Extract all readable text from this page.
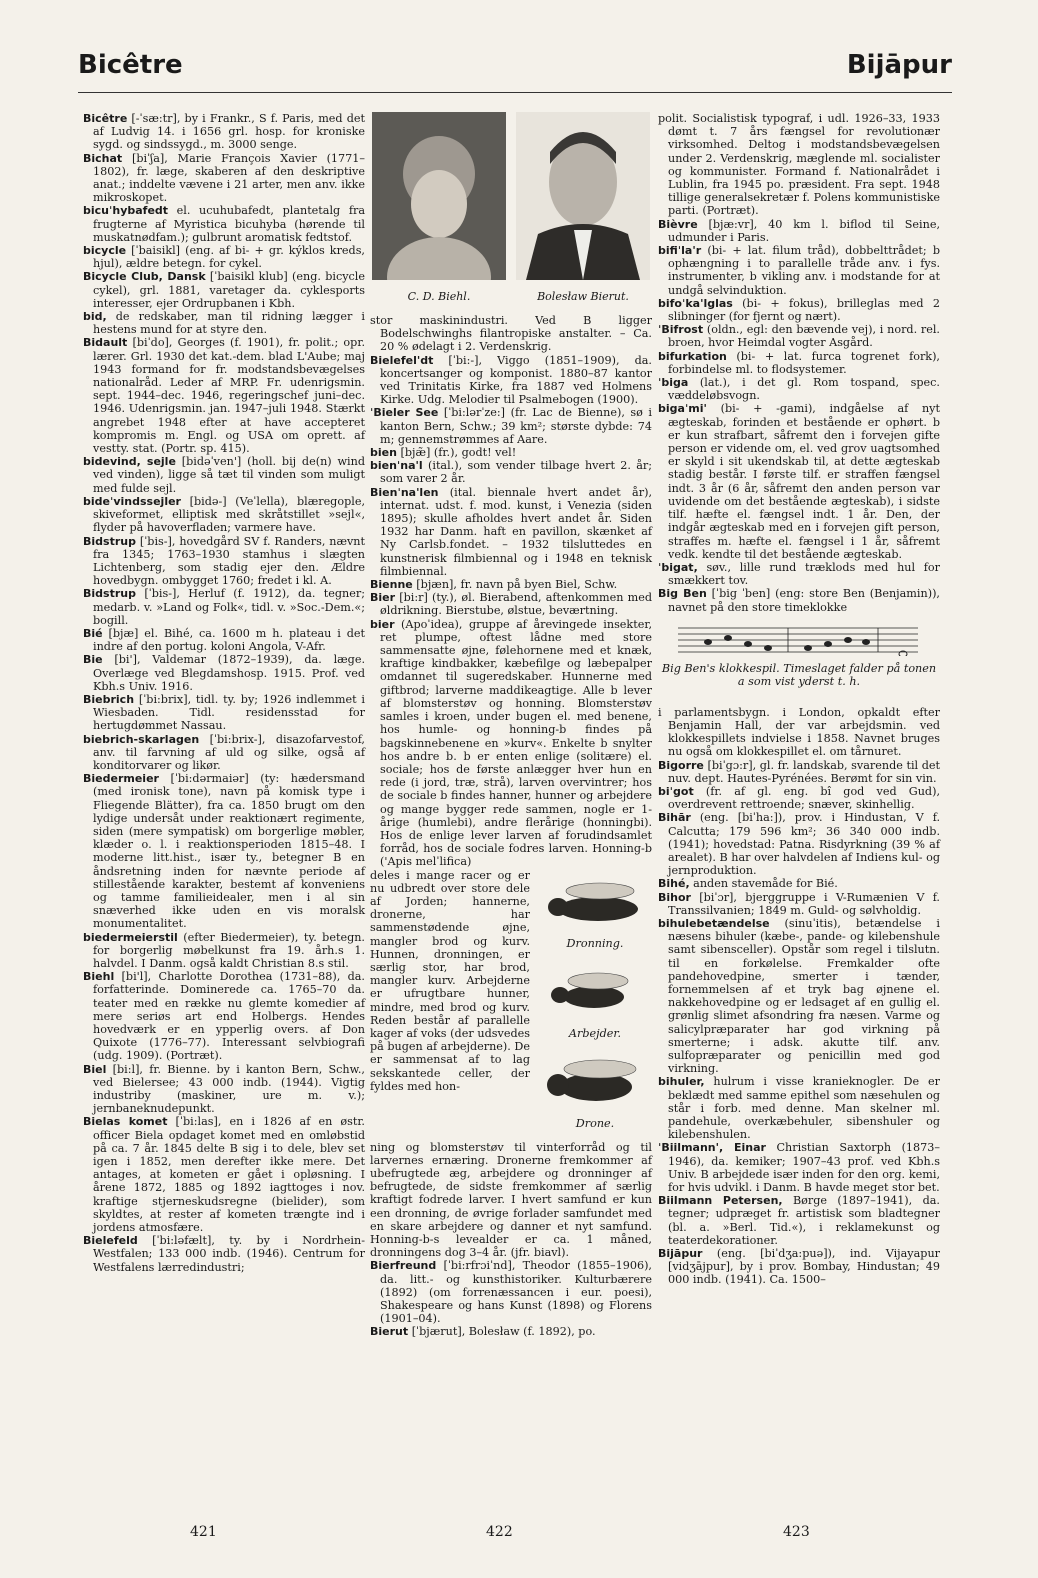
Bicêtre	Bijāpur
Bicêtre [-ˈsæ:tr], by i Frankr., S f. Paris, med det af Ludvig 14. i 1656 grl. hosp. for kroniske sygd. og sindssygd., m. 3000 senge.
Bichat [biˈʃa], Marie François Xavier (1771–1802), fr. læge, skaberen af den deskriptive anat.; inddelte vævene i 21 arter, men anv. ikke mikroskopet.
bicuˈhybafedt el. ucuhubafedt, plantetalg fra frugterne af Myristica bicuhyba (hørende til muskatnødfam.); gulbrunt aromatisk fedtstof.
bicycle [ˈbaisikl] (eng. af bi- + gr. kýklos kreds, hjul), ældre betegn. for cykel.
Bicycle Club, Dansk [ˈbaisikl klub] (eng. bicycle cykel), grl. 1881, varetager da. cyklesports interesser, ejer Ordrupbanen i Kbh.
bid, de redskaber, man til ridning lægger i hestens mund for at styre den.
Bidault [biˈdo], Georges (f. 1901), fr. polit.; opr. lærer. Grl. 1930 det kat.-dem. blad L'Aube; maj 1943 formand for fr. modstandsbevægelses nationalråd. Leder af MRP. Fr. udenrigsmin. sept. 1944–dec. 1946, regeringschef juni–dec. 1946. Udenrigsmin. jan. 1947–juli 1948. Stærkt angrebet 1948 efter at have accepteret kompromis m. Engl. og USA om oprett. af vestty. stat. (Portr. sp. 415).
bidevind, sejle [bidəˈven'] (holl. bij de(n) wind ved vinden), ligge så tæt til vinden som muligt med fulde sejl.
bideˈvindssejler [bidə-] (Veˈlella), blæregople, skiveformet, elliptisk med skråtstillet »sejl«, flyder på havoverfladen; varmere have.
Bidstrup [ˈbis-], hovedgård SV f. Randers, nævnt fra 1345; 1763–1930 stamhus i slægten Lichtenberg, som stadig ejer den. Ældre hovedbygn. ombygget 1760; fredet i kl. A.
Bidstrup [ˈbis-], Herluf (f. 1912), da. tegner; medarb. v. »Land og Folk«, tidl. v. »Soc.-Dem.«; bogill.
Bié [bjæ] el. Bihé, ca. 1600 m h. plateau i det indre af den portug. koloni Angola, V-Afr.
Bie [bi'], Valdemar (1872–1939), da. læge. Overlæge ved Blegdamshosp. 1915. Prof. ved Kbh.s Univ. 1916.
Biebrich [ˈbi:brix], tidl. ty. by; 1926 indlemmet i Wiesbaden. Tidl. residensstad for hertugdømmet Nassau.
biebrich-skarlagen [ˈbi:brix-], disazofarvestof, anv. til farvning af uld og silke, også af konditorvarer og likør.
Biedermeier [ˈbi:dərmaiər] (ty: hædersmand (med ironisk tone), navn på komisk type i Fliegende Blätter), fra ca. 1850 brugt om den lydige undersåt under reaktionært regimente, siden (mere sympatisk) om borgerlige møbler, klæder o. l. i reaktionsperioden 1815–48. I moderne litt.hist., især ty., betegner B en åndsretning inden for nævnte periode af stillestående karakter, bestemt af konveniens og tamme familieidealer, men i al sin snæverhed ikke uden en vis moralsk monumentalitet.
biedermeierstil (efter Biedermeier), ty. betegn. for borgerlig møbelkunst fra 19. årh.s 1. halvdel. I Danm. også kaldt Christian 8.s stil.
Biehl [bi'l], Charlotte Dorothea (1731–88), da. forfatterinde. Dominerede ca. 1765–70 da. teater med en række nu glemte komedier af mere seriøs art end Holbergs. Hendes hovedværk er en ypperlig overs. af Don Quixote (1776–77). Interessant selvbiografi (udg. 1909). (Portræt).
Biel [bi:l], fr. Bienne. by i kanton Bern, Schw., ved Bielersee; 43 000 indb. (1944). Vigtig industriby (maskiner, ure m. v.); jernbaneknudepunkt.
Bielas komet [ˈbi:las], en i 1826 af en østr. officer Biela opdaget komet med en omløbstid på ca. 7 år. 1845 delte B sig i to dele, blev set igen i 1852, men derefter ikke mere. Det antages, at kometen er gået i opløsning. I årene 1872, 1885 og 1892 iagttoges i nov. kraftige stjerneskudsregne (bielider), som skyldtes, at rester af kometen trængte ind i jordens atmosfære.
Bielefeld [ˈbi:ləfælt], ty. by i Nordrhein-Westfalen; 133 000 indb. (1946). Centrum for Westfalens lærredindustri;
C. D. Biehl.	Bolesław Bierut.
stor maskinindustri. Ved B ligger Bodelschwinghs filantropiske anstalter. – Ca. 20 % ødelagt i 2. Verdenskrig.
Bielefel'dt [ˈbi:-], Viggo (1851–1909), da. koncertsanger og komponist. 1880–87 kantor ved Trinitatis Kirke, fra 1887 ved Holmens Kirke. Udg. Melodier til Psalmebogen (1900).
ˈBieler See [ˈbi:lərˈze:] (fr. Lac de Bienne), sø i kanton Bern, Schw.; 39 km²; største dybde: 74 m; gennemstrømmes af Aare.
bien [bjæ̃] (fr.), godt! vel!
bienˈna'l (ital.), som vender tilbage hvert 2. år; som varer 2 år.
Bienˈna'len (ital. biennale hvert andet år), internat. udst. f. mod. kunst, i Venezia (siden 1895); skulle afholdes hvert andet år. Siden 1932 har Danm. haft en pavillon, skænket af Ny Carlsb.fondet. – 1932 tilsluttedes en kunstnerisk filmbiennal og i 1948 en teknisk filmbiennal.
Bienne [bjæn], fr. navn på byen Biel, Schw.
Bier [bi:r] (ty.), øl. Bierabend, aftenkommen med øldrikning. Bierstube, ølstue, beværtning.
bier (Apoˈidea), gruppe af årevingede insekter, ret plumpe, oftest lådne med store sammensatte øjne, følehornene med et knæk, kraftige kindbakker, kæbefilge og læbepalper omdannet til sugeredskaber. Hunnerne med giftbrod; larverne maddikeagtige. Alle b lever af blomsterstøv og honning. Blomsterstøv samles i kroen, under bugen el. med benene, hos humle- og honning-b findes på bagskinnebenene en »kurv«. Enkelte b snylter hos andre b. b er enten enlige (solitære) el. sociale; hos de første anlægger hver hun en rede (i jord, træ, strå), larven overvintrer; hos de sociale b findes hanner, hunner og arbejdere og mange bygger rede sammen, nogle er 1-årige (humlebi), andre flerårige (honningbi). Hos de enlige lever larven af forudindsamlet forråd, hos de sociale fodres larven. Honning-b ('Apis melˈlifica)
deles i mange racer og er nu udbredt over store dele af Jorden; hannerne, dronerne, har sammenstødende øjne, mangler brod og kurv. Hunnen, dronningen, er særlig stor, har brod, mangler kurv. Arbejderne er ufrugtbare hunner, mindre, med brod og kurv. Reden består af parallelle kager af voks (der udsvedes på bugen af arbejderne). De er sammensat af to lag sekskantede celler, der fyldes med hon-
Dronning.
Arbejder.
Drone.
ning og blomsterstøv til vinterforråd og til larvernes ernæring. Dronerne fremkommer af ubefrugtede æg, arbejdere og dronninger af befrugtede, de sidste fremkommer af særlig kraftigt fodrede larver. I hvert samfund er kun een dronning, de øvrige forlader samfundet med en skare arbejdere og danner et nyt samfund. Honning-b-s levealder er ca. 1 måned, dronningens dog 3–4 år. (jfr. biavl).
Bierfreund [ˈbi:rfrɔiˈnd], Theodor (1855–1906), da. litt.- og kunsthistoriker. Kulturbærere (1892) (om forrenæssancen i eur. poesi), Shakespeare og hans Kunst (1898) og Florens (1901–04).
Bierut [ˈbjærut], Bolesław (f. 1892), po.
polit. Socialistisk typograf, i udl. 1926–33, 1933 dømt t. 7 års fængsel for revolutionær virksomhed. Deltog i modstandsbevægelsen under 2. Verdenskrig, mæglende ml. socialister og kommunister. Formand f. Nationalrådet i Lublin, fra 1945 po. præsident. Fra sept. 1948 tillige generalsekretær f. Polens kommunistiske parti. (Portræt).
Bièvre [bjæ:vr], 40 km l. biflod til Seine, udmunder i Paris.
bifiˈla'r (bi- + lat. filum tråd), dobbelttrådet; b ophængning i to parallelle tråde anv. i fys. instrumenter, b vikling anv. i modstande for at undgå selvinduktion.
bifoˈka'lglas (bi- + fokus), brilleglas med 2 slibninger (for fjernt og nært).
ˈBifrost (oldn., egl: den bævende vej), i nord. rel. broen, hvor Heimdal vogter Asgård.
bifurkation (bi- + lat. furca togrenet fork), forbindelse ml. to flodsystemer.
ˈbiga (lat.), i det gl. Rom tospand, spec. væddeløbsvogn.
bigaˈmi' (bi- + -gami), indgåelse af nyt ægteskab, forinden et bestående er ophørt. b er kun strafbart, såfremt den i forvejen gifte person er vidende om, el. ved grov uagtsomhed er skyld i sit ukendskab til, at dette ægteskab stadig består. I første tilf. er straffen fængsel indt. 3 år (6 år, såfremt den anden person var uvidende om det bestående ægteskab), i sidste tilf. hæfte el. fængsel indt. 1 år. Den, der indgår ægteskab med en i forvejen gift person, straffes m. hæfte el. fængsel i 1 år, såfremt vedk. kendte til det bestående ægteskab.
ˈbigat, søv., lille rund træklods med hul for smækkert tov.
Big Ben [ˈbig ˈben] (eng: store Ben (Benjamin)), navnet på den store timeklokke
Big Ben's klokkespil. Timeslaget falder på tonen a som vist yderst t. h.
i parlamentsbygn. i London, opkaldt efter Benjamin Hall, der var arbejdsmin. ved klokkespillets indvielse i 1858. Navnet bruges nu også om klokkespillet el. om tårnuret.
Bigorre [biˈgɔ:r], gl. fr. landskab, svarende til det nuv. dept. Hautes-Pyrénées. Berømt for sin vin.
biˈgot (fr. af gl. eng. bî god ved Gud), overdrevent rettroende; snæver, skinhellig.
Bihār (eng. [biˈha:]), prov. i Hindustan, V f. Calcutta; 179 596 km²; 36 340 000 indb. (1941); hovedstad: Patna. Risdyrkning (39 % af arealet). B har over halvdelen af Indiens kul- og jernproduktion.
Bihé, anden stavemåde for Bié.
Bihor [biˈɔr], bjerggruppe i V-Rumænien V f. Transsilvanien; 1849 m. Guld- og sølvholdig.
bihulebetændelse (sinuˈitis), betændelse i næsens bihuler (kæbe-, pande- og kilebenshule samt sibensceller). Opstår som regel i tilslutn. til en forkølelse. Fremkalder ofte pandehovedpine, smerter i tænder, fornemmelsen af et tryk bag øjnene el. nakkehovedpine og er ledsaget af en gullig el. grønlig slimet afsondring fra næsen. Varme og salicylpræparater har god virkning på smerterne; i adsk. akutte tilf. anv. sulfopræparater og penicillin med god virkning.
bihuler, hulrum i visse kranieknogler. De er beklædt med samme epithel som næsehulen og står i forb. med denne. Man skelner ml. pandehule, overkæbehuler, sibenshuler og kilebenshulen.
ˈBiilmann', Einar Christian Saxtorph (1873–1946), da. kemiker; 1907–43 prof. ved Kbh.s Univ. B arbejdede især inden for den org. kemi, for hvis udvikl. i Danm. B havde meget stor bet.
Biilmann Petersen, Børge (1897–1941), da. tegner; udpræget fr. artistisk som bladtegner (bl. a. »Berl. Tid.«), i reklamekunst og teaterdekorationer.
Bijāpur (eng. [biˈdʒa:puə]), ind. Vijayapur [vidʒājpur], by i prov. Bombay, Hindustan; 49 000 indb. (1941). Ca. 1500–
421	422	423
